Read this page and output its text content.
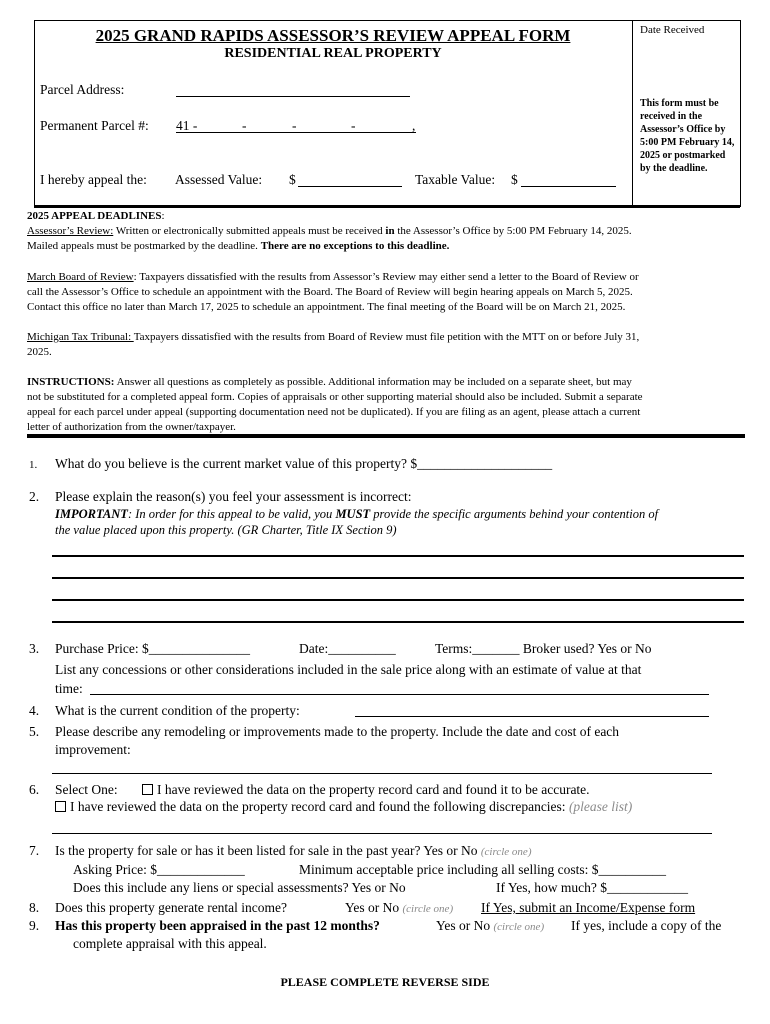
2025 GRAND RAPIDS ASSESSOR’S REVIEW APPEAL FORM
RESIDENTIAL REAL PROPERTY
Parcel Address:
Permanent Parcel #: 41 -	-	-	-	,
I hereby appeal the: Assessed Value: $	Taxable Value: $
Date Received
This form must be received in the Assessor’s Office by 5:00 PM February 14, 2025 or postmarked by the deadline.
2025 APPEAL DEADLINES:
Assessor’s Review: Written or electronically submitted appeals must be received in the Assessor’s Office by 5:00 PM February 14, 2025.
Mailed appeals must be postmarked by the deadline. There are no exceptions to this deadline.
March Board of Review: Taxpayers dissatisfied with the results from Assessor’s Review may either send a letter to the Board of Review or
call the Assessor’s Office to schedule an appointment with the Board. The Board of Review will begin hearing appeals on March 5, 2025.
Contact this office no later than March 17, 2025 to schedule an appointment. The final meeting of the Board will be on March 21, 2025.
Michigan Tax Tribunal: Taxpayers dissatisfied with the results from Board of Review must file petition with the MTT on or before July 31,
2025.
INSTRUCTIONS: Answer all questions as completely as possible. Additional information may be included on a separate sheet, but may
not be substituted for a completed appeal form. Copies of appraisals or other supporting material should also be included. Submit a separate
appeal for each parcel under appeal (supporting documentation need not be duplicated). If you are filing as an agent, please attach a current
letter of authorization from the owner/taxpayer.
1. What do you believe is the current market value of this property? $____________________
2. Please explain the reason(s) you feel your assessment is incorrect:
IMPORTANT: In order for this appeal to be valid, you MUST provide the specific arguments behind your contention of
the value placed upon this property. (GR Charter, Title IX Section 9)
3. Purchase Price: $_______________	Date:__________	Terms:_______ Broker used? Yes or No
List any concessions or other considerations included in the sale price along with an estimate of value at that
time:
4. What is the current condition of the property:
5. Please describe any remodeling or improvements made to the property. Include the date and cost of each
improvement:
6. Select One:	I have reviewed the data on the property record card and found it to be accurate.
I have reviewed the data on the property record card and found the following discrepancies: (please list)
7. Is the property for sale or has it been listed for sale in the past year? Yes or No (circle one)
Asking Price: $_____________	Minimum acceptable price including all selling costs: $__________
Does this include any liens or special assessments? Yes or No	If Yes, how much? $____________
8. Does this property generate rental income?	Yes or No (circle one) If Yes, submit an Income/Expense form
9. Has this property been appraised in the past 12 months?	Yes or No (circle one) If yes, include a copy of the
complete appraisal with this appeal.
PLEASE COMPLETE REVERSE SIDE
